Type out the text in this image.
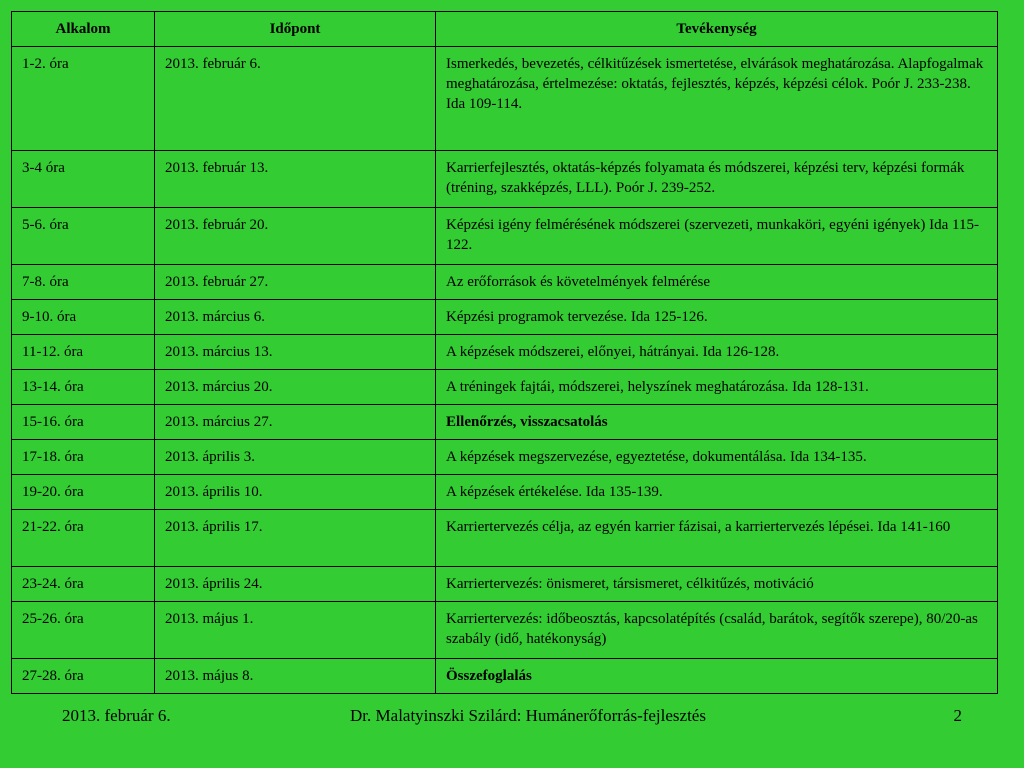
Alkalom	Időpont	Tevékenység
1-2. óra	2013. február 6.	Ismerkedés, bevezetés, célkitűzések ismertetése, elvárások meghatározása. Alapfogalmak meghatározása, értelmezése: oktatás, fejlesztés, képzés, képzési célok. Poór J. 233-238. Ida 109-114.
3-4 óra	2013. február 13.	Karrierfejlesztés, oktatás-képzés folyamata és módszerei, képzési terv, képzési formák (tréning, szakképzés, LLL). Poór J. 239-252.
5-6. óra	2013. február 20.	Képzési igény felmérésének módszerei (szervezeti, munkaköri, egyéni igények) Ida 115-122.
7-8. óra	2013. február 27.	Az erőforrások és követelmények felmérése
9-10. óra	2013. március 6.	Képzési programok tervezése. Ida 125-126.
11-12. óra	2013. március 13.	A képzések módszerei, előnyei, hátrányai. Ida 126-128.
13-14. óra	2013. március 20.	A tréningek fajtái, módszerei, helyszínek meghatározása. Ida 128-131.
15-16. óra	2013. március 27.	Ellenőrzés, visszacsatolás
17-18. óra	2013. április 3.	A képzések megszervezése, egyeztetése, dokumentálása. Ida 134-135.
19-20. óra	2013. április 10.	A képzések értékelése. Ida 135-139.
21-22. óra	2013. április 17.	Karriertervezés célja, az egyén karrier fázisai, a karriertervezés lépései. Ida 141-160
23-24. óra	2013. április 24.	Karriertervezés: önismeret, társismeret, célkitűzés, motiváció
25-26. óra	2013. május 1.	Karriertervezés: időbeosztás, kapcsolatépítés (család, barátok, segítők szerepe), 80/20-as szabály (idő, hatékonyság)
27-28. óra	2013. május 8.	Összefoglalás
2013. február 6.	Dr. Malatyinszki Szilárd: Humánerőforrás-fejlesztés	2
